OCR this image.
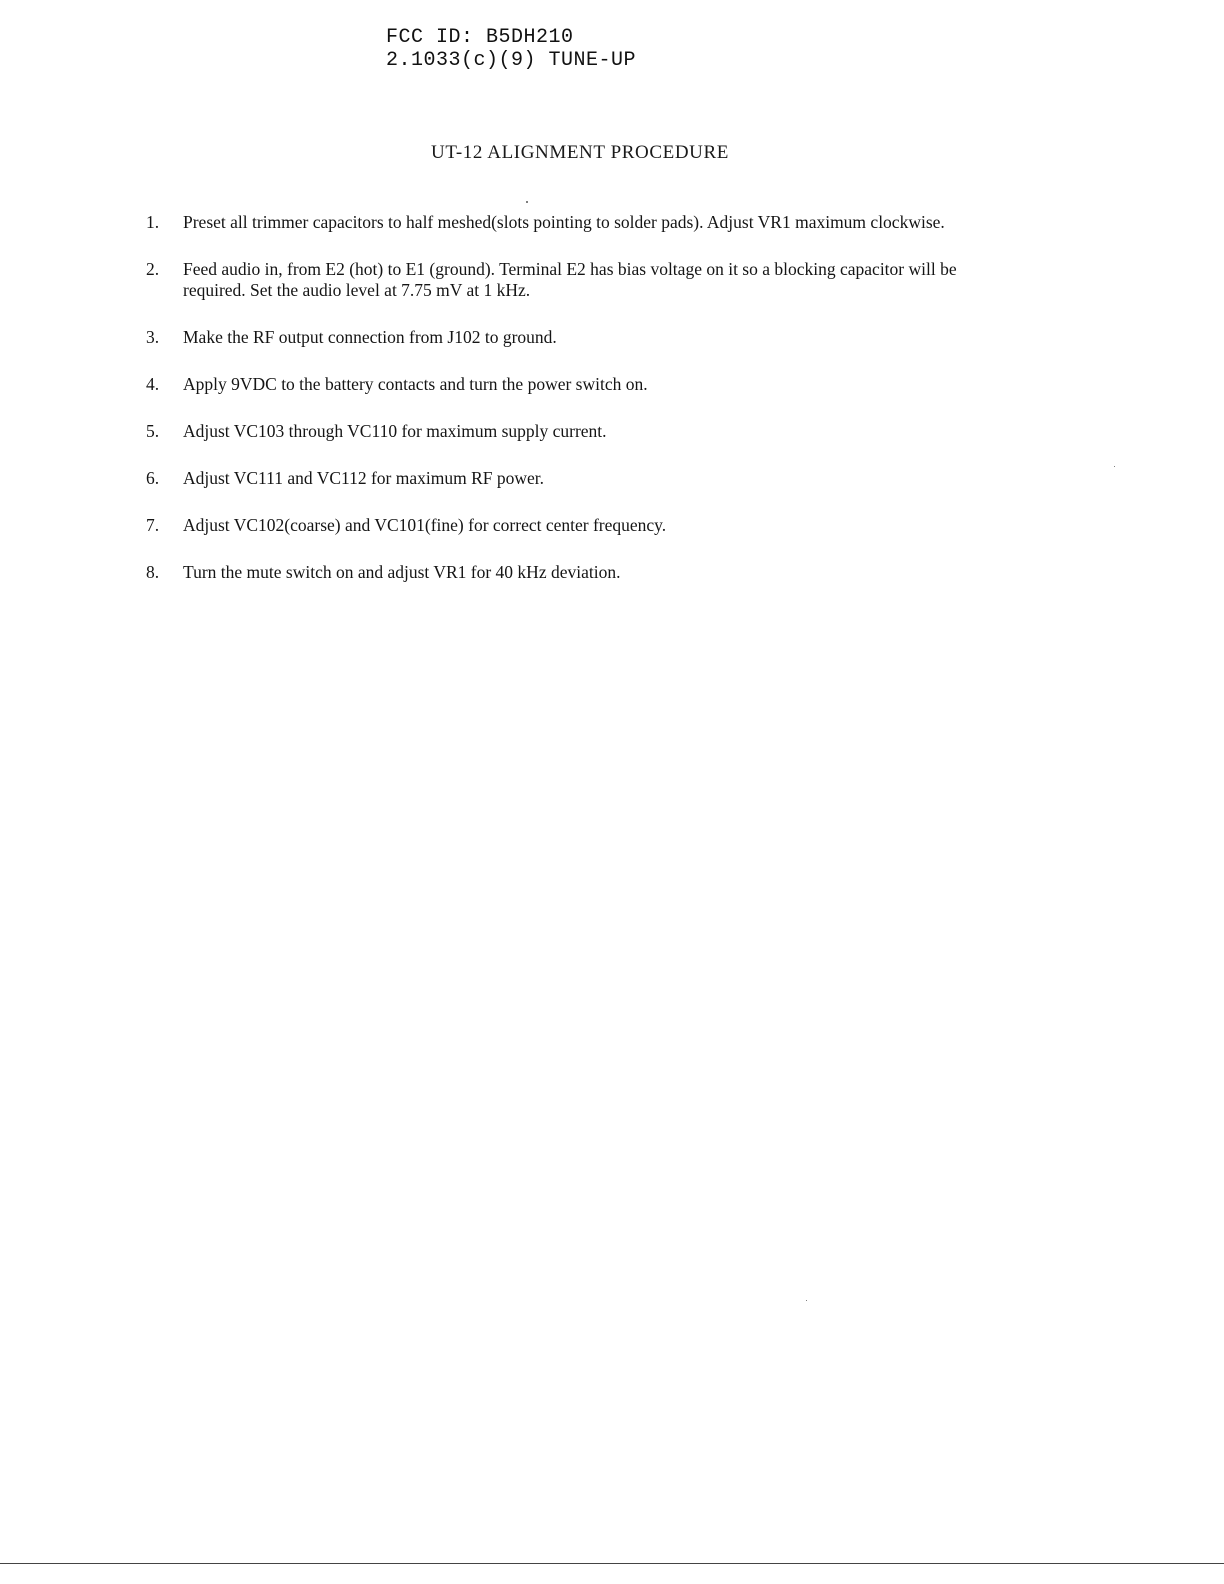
FCC ID: B5DH210
2.1033(c)(9) TUNE-UP
UT-12 ALIGNMENT PROCEDURE
1.	Preset all trimmer capacitors to half meshed(slots pointing to solder pads). Adjust VR1 maximum clockwise.
2.	Feed audio in, from E2 (hot) to E1 (ground). Terminal E2 has bias voltage on it so a blocking capacitor will be required. Set the audio level at 7.75 mV at 1 kHz.
3.	Make the RF output connection from J102 to ground.
4.	Apply 9VDC to the battery contacts and turn the power switch on.
5.	Adjust VC103 through VC110 for maximum supply current.
6.	Adjust VC111 and VC112 for maximum RF power.
7.	Adjust VC102(coarse) and VC101(fine) for correct center frequency.
8.	Turn the mute switch on and adjust VR1 for 40 kHz deviation.
